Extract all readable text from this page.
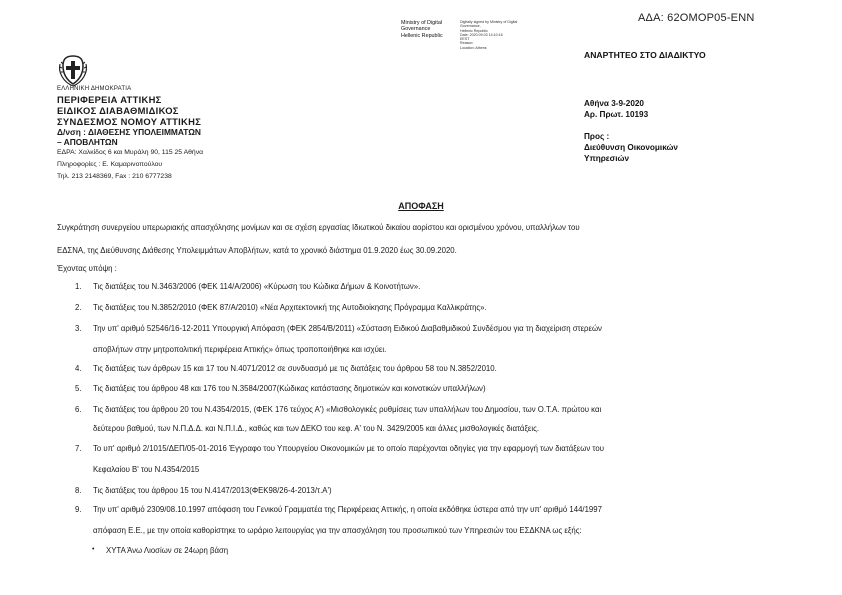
ΑΔΑ: 62ΟΜΟΡ05-ΕΝΝ
Ministry of Digital
Governance
Hellenic Republic
Digitally signed by Ministry of Digital
Governance,
Hellenic Republic
Date: 2020.09.03 14:10:16
EEST
Reason:
Location: Athens
ΑΝΑΡΤΗΤΕΟ ΣΤΟ ΔΙΑΔΙΚΤΥΟ
ΕΛΛΗΝΙΚΗ ΔΗΜΟΚΡΑΤΙΑ
ΠΕΡΙΦΕΡΕΙΑ ΑΤΤΙΚΗΣ
ΕΙΔΙΚΟΣ ΔΙΑΒΑΘΜΙΔΙΚΟΣ
ΣΥΝΔΕΣΜΟΣ ΝΟΜΟΥ ΑΤΤΙΚΗΣ
Δ/νση : ΔΙΑΘΕΣΗΣ ΥΠΟΛΕΙΜΜΑΤΩΝ
– ΑΠΟΒΛΗΤΩΝ
ΕΔΡΑ: Χαλκίδος 6 και Μυράλη 90, 115 25 Αθήνα
Πληροφορίες : Ε. Καμαρινοπούλου
Τηλ. 213 2148369, Fax : 210 6777238
Αθήνα 3-9-2020
Αρ. Πρωτ. 10193
Προς :
Διεύθυνση Οικονομικών
Υπηρεσιών
ΑΠΟΦΑΣΗ
Συγκράτηση συνεργείου υπερωριακής απασχόλησης μονίμων και σε σχέση εργασίας Ιδιωτικού δικαίου αορίστου και ορισμένου χρόνου, υπαλλήλων του
ΕΔΣΝΑ, της Διεύθυνσης Διάθεσης Υπολειμμάτων Αποβλήτων, κατά το χρονικό διάστημα 01.9.2020 έως 30.09.2020.
Έχοντας υπόψη :
1. Τις διατάξεις του Ν.3463/2006 (ΦΕΚ 114/Α/2006) «Κύρωση του Κώδικα Δήμων & Κοινοτήτων».
2. Τις διατάξεις του Ν.3852/2010 (ΦΕΚ 87/Α/2010) «Νέα Αρχιτεκτονική της Αυτοδιοίκησης Πρόγραμμα Καλλικράτης».
3. Την υπ' αριθμό 52546/16-12-2011 Υπουργική Απόφαση (ΦΕΚ 2854/Β/2011) «Σύσταση Ειδικού Διαβαθμιδικού Συνδέσμου για τη διαχείριση στερεών
αποβλήτων στην μητροπολιτική περιφέρεια Αττικής» όπως τροποποιήθηκε και ισχύει.
4. Τις διατάξεις των άρθρων 15 και 17 του Ν.4071/2012 σε συνδυασμό με τις διατάξεις του άρθρου 58 του Ν.3852/2010.
5. Τις διατάξεις του άρθρου 48 και 176 του Ν.3584/2007(Κώδικας κατάστασης δημοτικών και κοινοτικών υπαλλήλων)
6. Τις διατάξεις του άρθρου 20 του Ν.4354/2015, (ΦΕΚ 176 τεύχος Α') «Μισθολογικές ρυθμίσεις των υπαλλήλων του Δημοσίου, των Ο.Τ.Α. πρώτου και
δεύτερου βαθμού, των Ν.Π.Δ.Δ. και Ν.Π.Ι.Δ., καθώς και των ΔΕΚΟ του κεφ. Α' του Ν. 3429/2005 και άλλες μισθολογικές διατάξεις.
7. Το υπ' αριθμό 2/1015/ΔΕΠ/05-01-2016 Έγγραφο του Υπουργείου Οικονομικών με το οποίο παρέχονται οδηγίες για την εφαρμογή των διατάξεων του
Κεφαλαίου Β' του Ν.4354/2015
8. Τις διατάξεις του άρθρου 15 του Ν.4147/2013(ΦΕΚ98/26-4-2013/τ.Α')
9. Την υπ' αριθμό 2309/08.10.1997 απόφαση του Γενικού Γραμματέα της Περιφέρειας Αττικής, η οποία εκδόθηκε ύστερα από την υπ' αριθμό 144/1997
απόφαση Ε.Ε., με την οποία καθορίστηκε το ωράριο λειτουργίας για την απασχόληση του προσωπικού των Υπηρεσιών του ΕΣΔΚΝΑ ως εξής:
• ΧΥΤΑ Άνω Λιοσίων σε 24ωρη βάση
